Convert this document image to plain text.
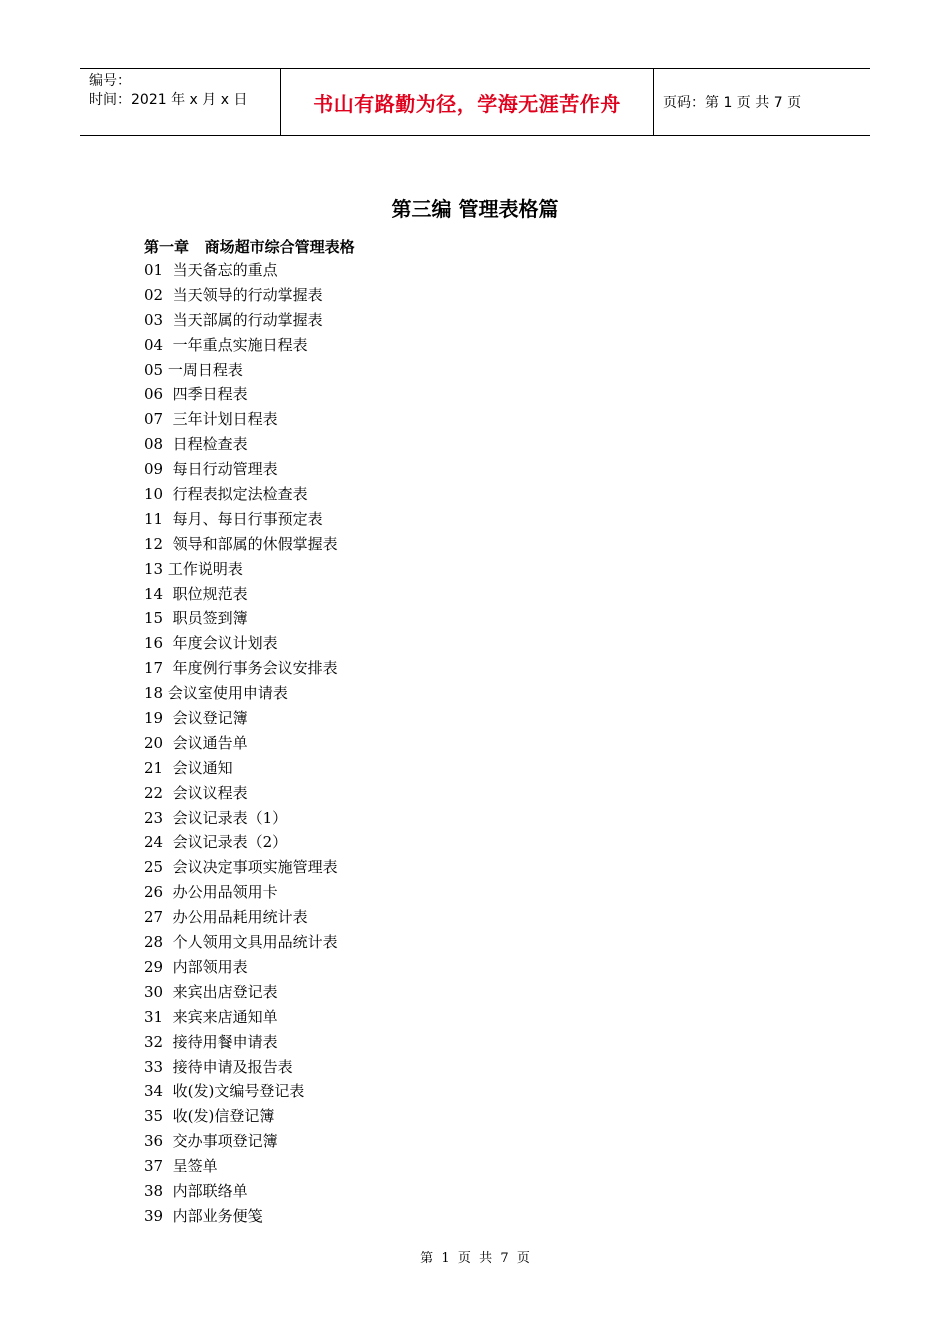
编号：
时间：2021 年 x 月 x 日	书山有路勤为径，学海无涯苦作舟	页码：第 1 页 共 7 页
第三编 管理表格篇
第一章   商场超市综合管理表格
01  当天备忘的重点
02  当天领导的行动掌握表
03  当天部属的行动掌握表
04  一年重点实施日程表
05 一周日程表
06  四季日程表
07  三年计划日程表
08  日程检查表
09  每日行动管理表
10  行程表拟定法检查表
11  每月、每日行事预定表
12  领导和部属的休假掌握表
13 工作说明表
14  职位规范表
15  职员签到簿
16  年度会议计划表
17  年度例行事务会议安排表
18 会议室使用申请表
19  会议登记簿
20  会议通告单
21  会议通知
22  会议议程表
23  会议记录表（1）
24  会议记录表（2）
25  会议决定事项实施管理表
26  办公用品领用卡
27  办公用品耗用统计表
28  个人领用文具用品统计表
29  内部领用表
30  来宾出店登记表
31  来宾来店通知单
32  接待用餐申请表
33  接待申请及报告表
34  收(发)文编号登记表
35  收(发)信登记簿
36  交办事项登记簿
37  呈签单
38  内部联络单
39  内部业务便笺
第  1  页  共  7  页
